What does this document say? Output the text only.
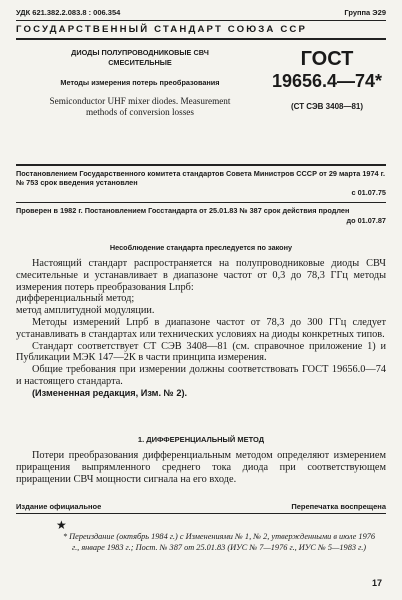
УДК 621.382.2.083.8 : 006.354	Группа Э29
ГОСУДАРСТВЕННЫЙ СТАНДАРТ СОЮЗА ССР
ДИОДЫ ПОЛУПРОВОДНИКОВЫЕ СВЧ
СМЕСИТЕЛЬНЫЕ
Методы измерения потерь преобразования
Semiconductor UHF mixer diodes. Measurement
methods of conversion losses
ГОСТ
19656.4—74*
(СТ СЭВ 3408—81)
Постановлением Государственного комитета стандартов Совета Министров СССР от 29 марта 1974 г. № 753 срок введения установлен
с 01.07.75
Проверен в 1982 г. Постановлением Госстандарта от 25.01.83 № 387 срок действия продлен
до 01.07.87
Несоблюдение стандарта преследуется по закону

Настоящий стандарт распространяется на полупроводниковые диоды СВЧ смесительные и устанавливает в диапазоне частот от 0,3 до 78,3 ГГц методы измерения потерь преобразования Lпрб:

дифференциальный метод;

метод амплитудной модуляции.

Методы измерений Lпрб в диапазоне частот от 78,3 до 300 ГГц следует устанавливать в стандартах или технических условиях на диоды конкретных типов.

Стандарт соответствует СТ СЭВ 3408—81 (см. справочное приложение 1) и Публикации МЭК 147—2К в части принципа измерения.

Общие требования при измерении должны соответствовать ГОСТ 19656.0—74 и настоящего стандарта.

(Измененная редакция, Изм. № 2).

1. ДИФФЕРЕНЦИАЛЬНЫЙ МЕТОД

Потери преобразования дифференциальным методом определяют измерением приращения выпрямленного среднего тока диода при соответствующем приращении СВЧ мощности сигнала на его входе.

Издание официальное	Перепечатка воспрещена
★
* Переиздание (октябрь 1984 г.) с Изменениями № 1, № 2, утвержденными в июле 1976 г., январе 1983 г.; Пост. № 387 от 25.01.83 (ИУС № 7—1976 г., ИУС № 5—1983 г.)
17
